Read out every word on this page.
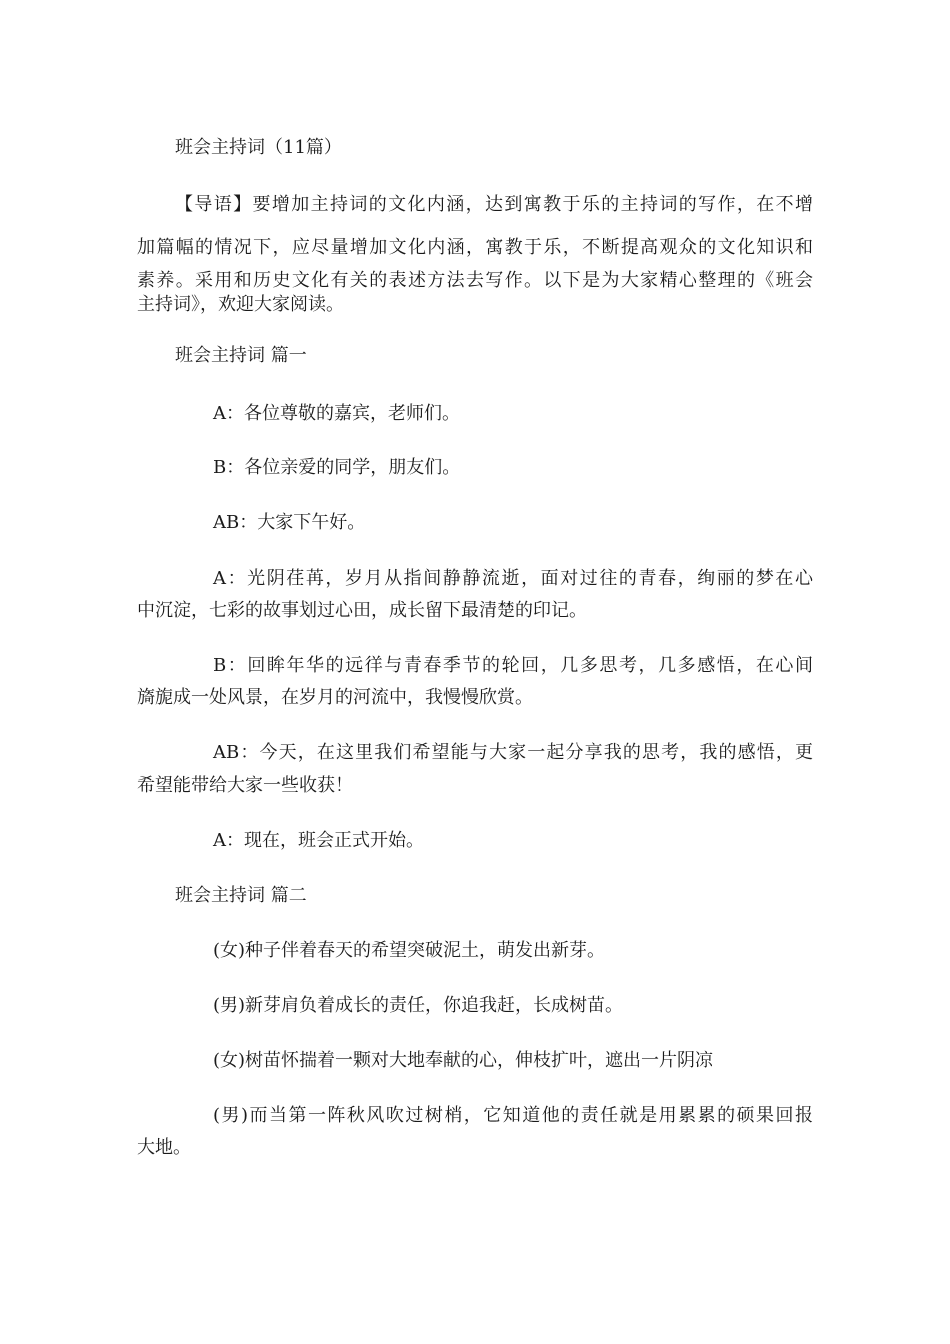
班会主持词（11篇）
【导语】要增加主持词的文化内涵，达到寓教于乐的主持词的写作，在不增
加篇幅的情况下，应尽量增加文化内涵，寓教于乐，不断提高观众的文化知识和
素养。采用和历史文化有关的表述方法去写作。以下是为大家精心整理的《班会
主持词》，欢迎大家阅读。
班会主持词 篇一
A：各位尊敬的嘉宾，老师们。
B：各位亲爱的同学，朋友们。
AB：大家下午好。
A：光阴荏苒，岁月从指间静静流逝，面对过往的青春，绚丽的梦在心
中沉淀，七彩的故事划过心田，成长留下最清楚的印记。
B：回眸年华的远徉与青春季节的轮回，几多思考，几多感悟，在心间
旖旎成一处风景，在岁月的河流中，我慢慢欣赏。
AB：今天，在这里我们希望能与大家一起分享我的思考，我的感悟，更
希望能带给大家一些收获！
A：现在，班会正式开始。
班会主持词 篇二
(女)种子伴着春天的希望突破泥土，萌发出新芽。
(男)新芽肩负着成长的责任，你追我赶，长成树苗。
(女)树苗怀揣着一颗对大地奉献的心，伸枝扩叶，遮出一片阴凉
(男)而当第一阵秋风吹过树梢，它知道他的责任就是用累累的硕果回报
大地。
